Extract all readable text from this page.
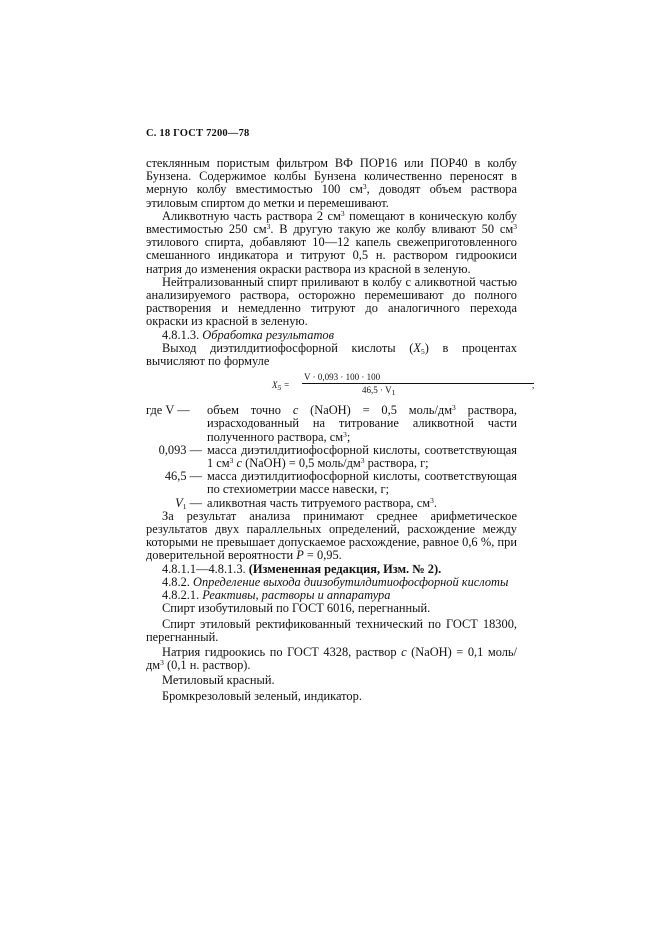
С. 18 ГОСТ 7200—78

стеклянным пористым фильтром ВФ ПОР16 или ПОР40 в колбу Бунзена. Содержимое колбы Бунзена количественно переносят в мерную колбу вместимостью 100 $см^3$, доводят объем раствора этиловым спиртом до метки и перемешивают.

Аликвотную часть раствора 2 $см^3$ помещают в коническую колбу вместимостью 250 $см^3$. В другую такую же колбу вливают 50 $см^3$ этилового спирта, добавляют 10—12 капель свежеприготовленного смешанного индикатора и титруют 0,5 н. раствором гидроокиси натрия до изменения окраски раствора из красной в зеленую.

Нейтрализованный спирт приливают в колбу с аликвотной частью анализируемого раствора, осторожно перемешивают до полного растворения и немедленно титруют до аналогичного перехода окраски из красной в зеленую.

4.8.1.3. Обработка результатов

Выход диэтилдитиофосфорной кислоты $(X_5)$ в процентах вычисляют по формуле

$X_5$ =
V · 0,093 · 100 · 100
$46,5 \cdot V_1$
,
где V —	объем точно c (NaOH) = 0,5 моль/$дм^3$ раствора, израсходованный на титрование аликвотной части полученного раствора, $см^3$;
0,093 — масса диэтилдитиофосфорной кислоты, соответствующая 1 $см^3$ c (NaOH) = 0,5 моль/$дм^3$ раствора, г;
46,5 — масса диэтилдитиофосфорной кислоты, соответствующая по стехиометрии массе навески, г;
$V_1$ — аликвотная часть титруемого раствора, $см^3$.

За результат анализа принимают среднее арифметическое результатов двух параллельных определений, расхождение между которыми не превышает допускаемое расхождение, равное 0,6 %, при доверительной вероятности P = 0,95.

4.8.1.1—4.8.1.3. (Измененная редакция, Изм. № 2).

4.8.2. Определение выхода диизобутилдитиофосфорной кислоты

4.8.2.1. Реактивы, растворы и аппаратура

Спирт изобутиловый по ГОСТ 6016, перегнанный.

Спирт этиловый ректификованный технический по ГОСТ 18300, перегнанный.

Натрия гидроокись по ГОСТ 4328, раствор c (NaOH) = 0,1 моль/$дм^3$ (0,1 н. раствор).

Метиловый красный.

Бромкрезоловый зеленый, индикатор.
